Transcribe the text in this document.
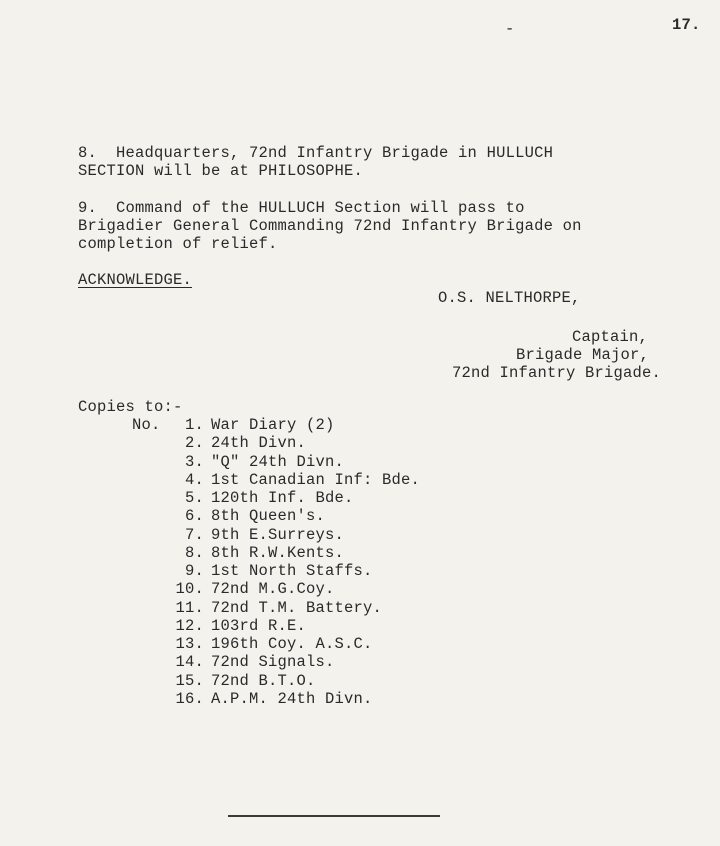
-	17.
8.  Headquarters, 72nd Infantry Brigade in HULLUCH
SECTION will be at PHILOSOPHE.
9.  Command of the HULLUCH Section will pass to
Brigadier General Commanding 72nd Infantry Brigade on
completion of relief.
ACKNOWLEDGE.
O.S. NELTHORPE,
Captain,
Brigade Major,
72nd Infantry Brigade.
Copies to:-
No.	1. War Diary (2)
2. 24th Divn.
3. "Q" 24th Divn.
4. 1st Canadian Inf: Bde.
5. 120th Inf. Bde.
6. 8th Queen's.
7. 9th E.Surreys.
8. 8th R.W.Kents.
9. 1st North Staffs.
10. 72nd M.G.Coy.
11. 72nd T.M. Battery.
12. 103rd R.E.
13. 196th Coy. A.S.C.
14. 72nd Signals.
15. 72nd B.T.O.
16. A.P.M. 24th Divn.
